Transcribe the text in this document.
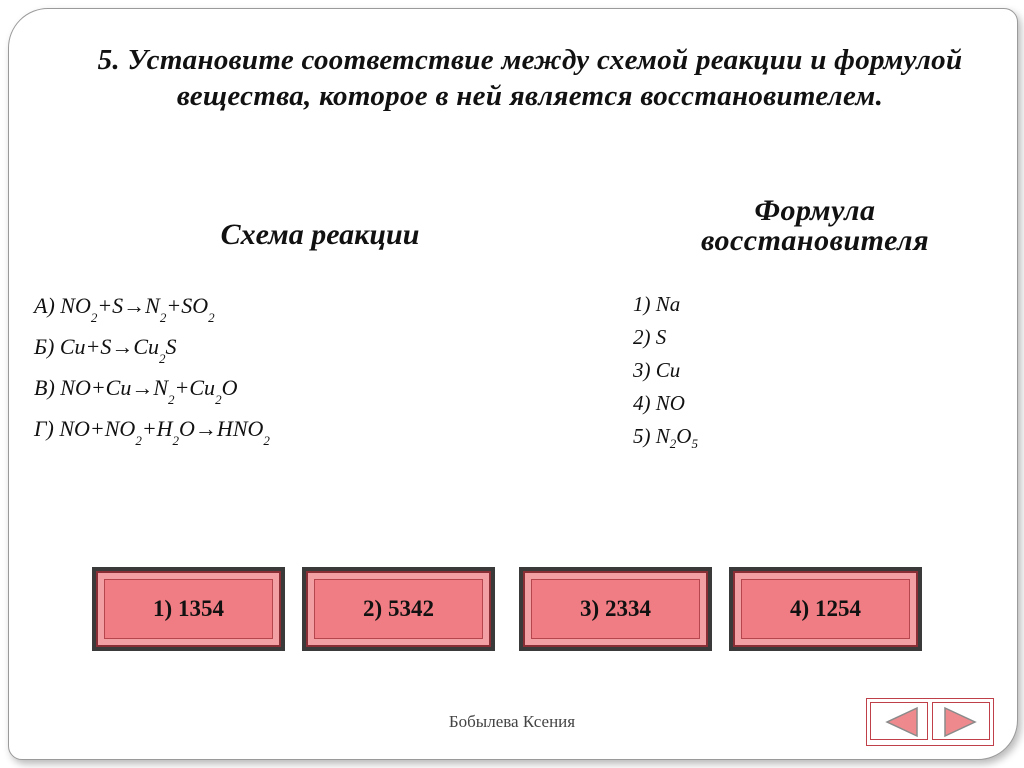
5. Установите соответствие между схемой реакции и формулой вещества, которое в ней является восстановителем.
Схема реакции
Формула
восстановителя
А) $NO_2+S\to N_2+SO_2$
Б) $Cu+S\to Cu_2S$
В) $NO+Cu\to N_2+Cu_2O$
Г) $NO+NO_2+H_2O\to HNO_2$
1) Na
2) S
3) Cu
4) NO
5) $N_2O_5$
1) 1354	2) 5342	3) 2334	4) 1254
Бобылева Ксения
